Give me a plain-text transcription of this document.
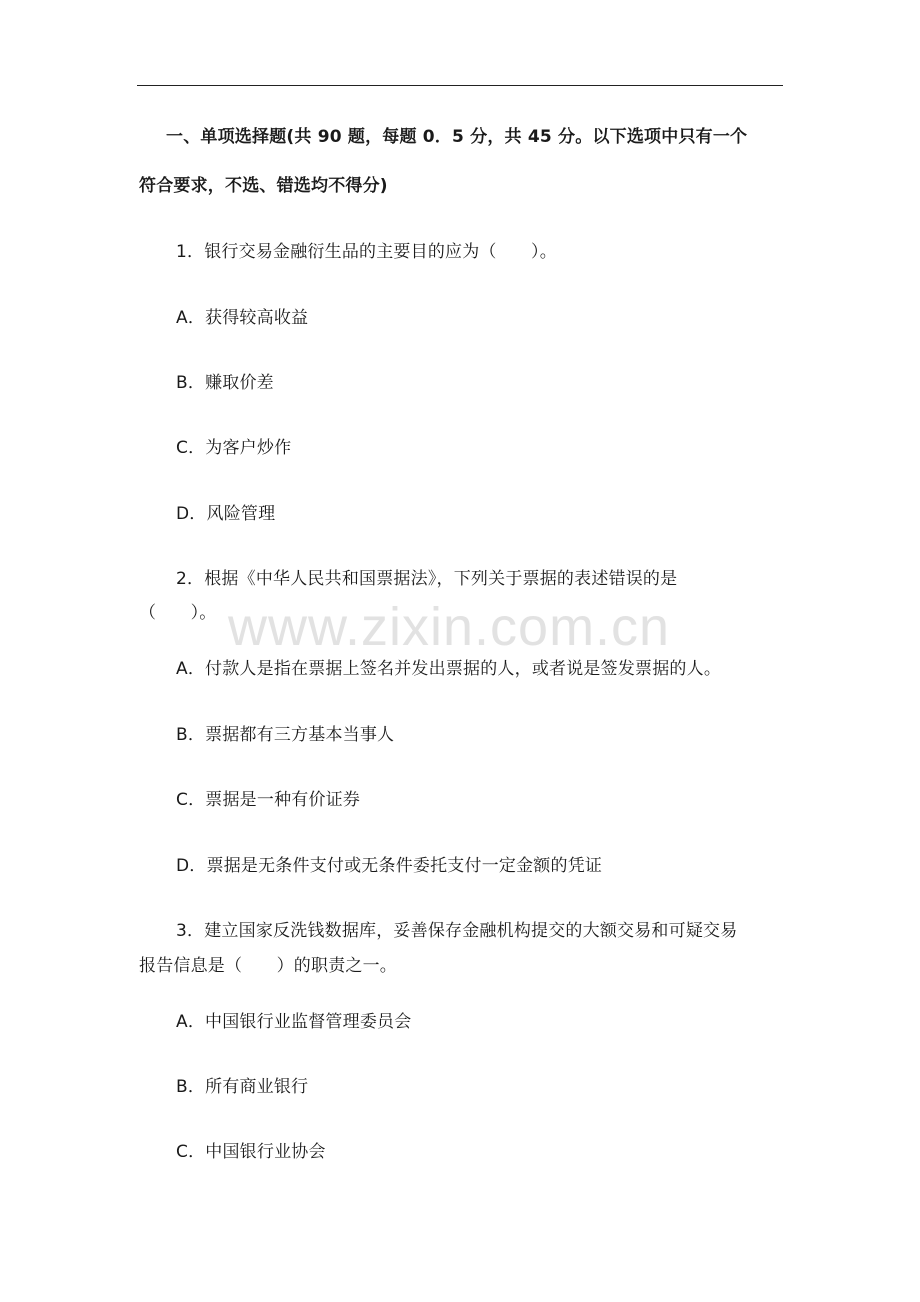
www.zixin.com.cn
一、单项选择题(共 90 题，每题 0．5 分，共 45 分。以下选项中只有一个
符合要求，不选、错选均不得分)
1．银行交易金融衍生品的主要目的应为（　　）。
A．获得较高收益
B．赚取价差
C．为客户炒作
D．风险管理
2．根据《中华人民共和国票据法》，下列关于票据的表述错误的是
（　　）。
A．付款人是指在票据上签名并发出票据的人，或者说是签发票据的人。
B．票据都有三方基本当事人
C．票据是一种有价证券
D．票据是无条件支付或无条件委托支付一定金额的凭证
3．建立国家反洗钱数据库，妥善保存金融机构提交的大额交易和可疑交易
报告信息是（　　）的职责之一。
A．中国银行业监督管理委员会
B．所有商业银行
C．中国银行业协会
